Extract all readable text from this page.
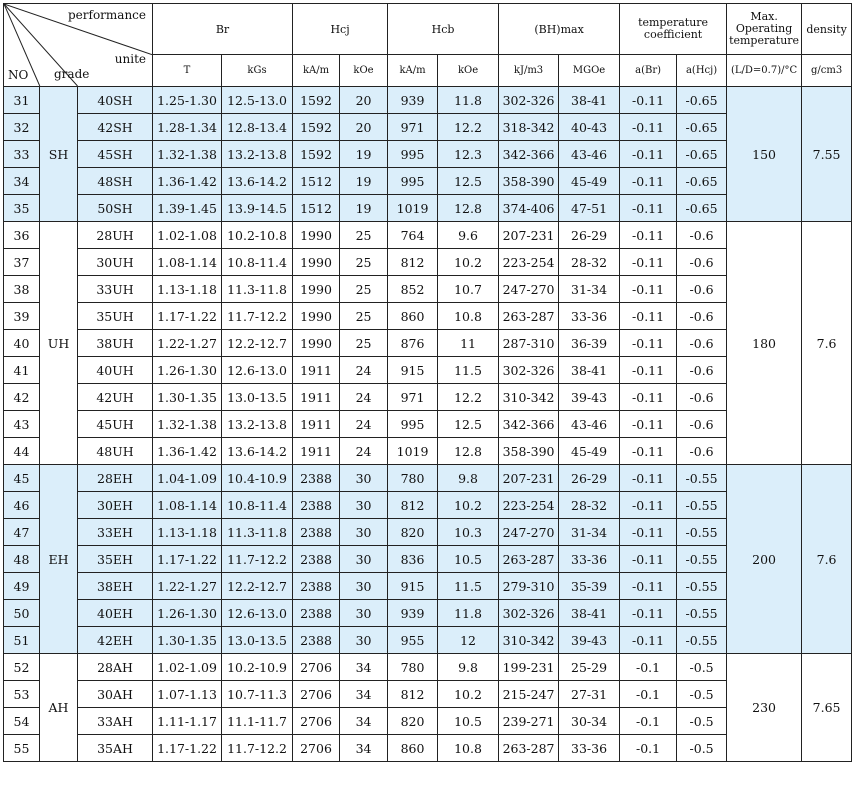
performance
unite
NO grade			Br		Hcj		Hcb		(BH)max		temperature coefficient		Max. Operating temperature	density
			T	kGs	kA/m	kOe	kA/m	kOe	kJ/m3	MGOe	a(Br)	a(Hcj)	(L/D=0.7)/°C	g/cm3
31	SH	40SH	1.25-1.30	12.5-13.0	1592	20	939	11.8	302-326	38-41	-0.11	-0.65	150	7.55
32		42SH	1.28-1.34	12.8-13.4	1592	20	971	12.2	318-342	40-43	-0.11	-0.65		
33		45SH	1.32-1.38	13.2-13.8	1592	19	995	12.3	342-366	43-46	-0.11	-0.65		
34		48SH	1.36-1.42	13.6-14.2	1512	19	995	12.5	358-390	45-49	-0.11	-0.65		
35		50SH	1.39-1.45	13.9-14.5	1512	19	1019	12.8	374-406	47-51	-0.11	-0.65		
36	UH	28UH	1.02-1.08	10.2-10.8	1990	25	764	9.6	207-231	26-29	-0.11	-0.6	180	7.6
37		30UH	1.08-1.14	10.8-11.4	1990	25	812	10.2	223-254	28-32	-0.11	-0.6		
38		33UH	1.13-1.18	11.3-11.8	1990	25	852	10.7	247-270	31-34	-0.11	-0.6		
39		35UH	1.17-1.22	11.7-12.2	1990	25	860	10.8	263-287	33-36	-0.11	-0.6		
40		38UH	1.22-1.27	12.2-12.7	1990	25	876	11	287-310	36-39	-0.11	-0.6		
41		40UH	1.26-1.30	12.6-13.0	1911	24	915	11.5	302-326	38-41	-0.11	-0.6		
42		42UH	1.30-1.35	13.0-13.5	1911	24	971	12.2	310-342	39-43	-0.11	-0.6		
43		45UH	1.32-1.38	13.2-13.8	1911	24	995	12.5	342-366	43-46	-0.11	-0.6		
44		48UH	1.36-1.42	13.6-14.2	1911	24	1019	12.8	358-390	45-49	-0.11	-0.6		
45	EH	28EH	1.04-1.09	10.4-10.9	2388	30	780	9.8	207-231	26-29	-0.11	-0.55	200	7.6
46		30EH	1.08-1.14	10.8-11.4	2388	30	812	10.2	223-254	28-32	-0.11	-0.55		
47		33EH	1.13-1.18	11.3-11.8	2388	30	820	10.3	247-270	31-34	-0.11	-0.55		
48		35EH	1.17-1.22	11.7-12.2	2388	30	836	10.5	263-287	33-36	-0.11	-0.55		
49		38EH	1.22-1.27	12.2-12.7	2388	30	915	11.5	279-310	35-39	-0.11	-0.55		
50		40EH	1.26-1.30	12.6-13.0	2388	30	939	11.8	302-326	38-41	-0.11	-0.55		
51		42EH	1.30-1.35	13.0-13.5	2388	30	955	12	310-342	39-43	-0.11	-0.55		
52	AH	28AH	1.02-1.09	10.2-10.9	2706	34	780	9.8	199-231	25-29	-0.1	-0.5	230	7.65
53		30AH	1.07-1.13	10.7-11.3	2706	34	812	10.2	215-247	27-31	-0.1	-0.5		
54		33AH	1.11-1.17	11.1-11.7	2706	34	820	10.5	239-271	30-34	-0.1	-0.5		
55		35AH	1.17-1.22	11.7-12.2	2706	34	860	10.8	263-287	33-36	-0.1	-0.5		
